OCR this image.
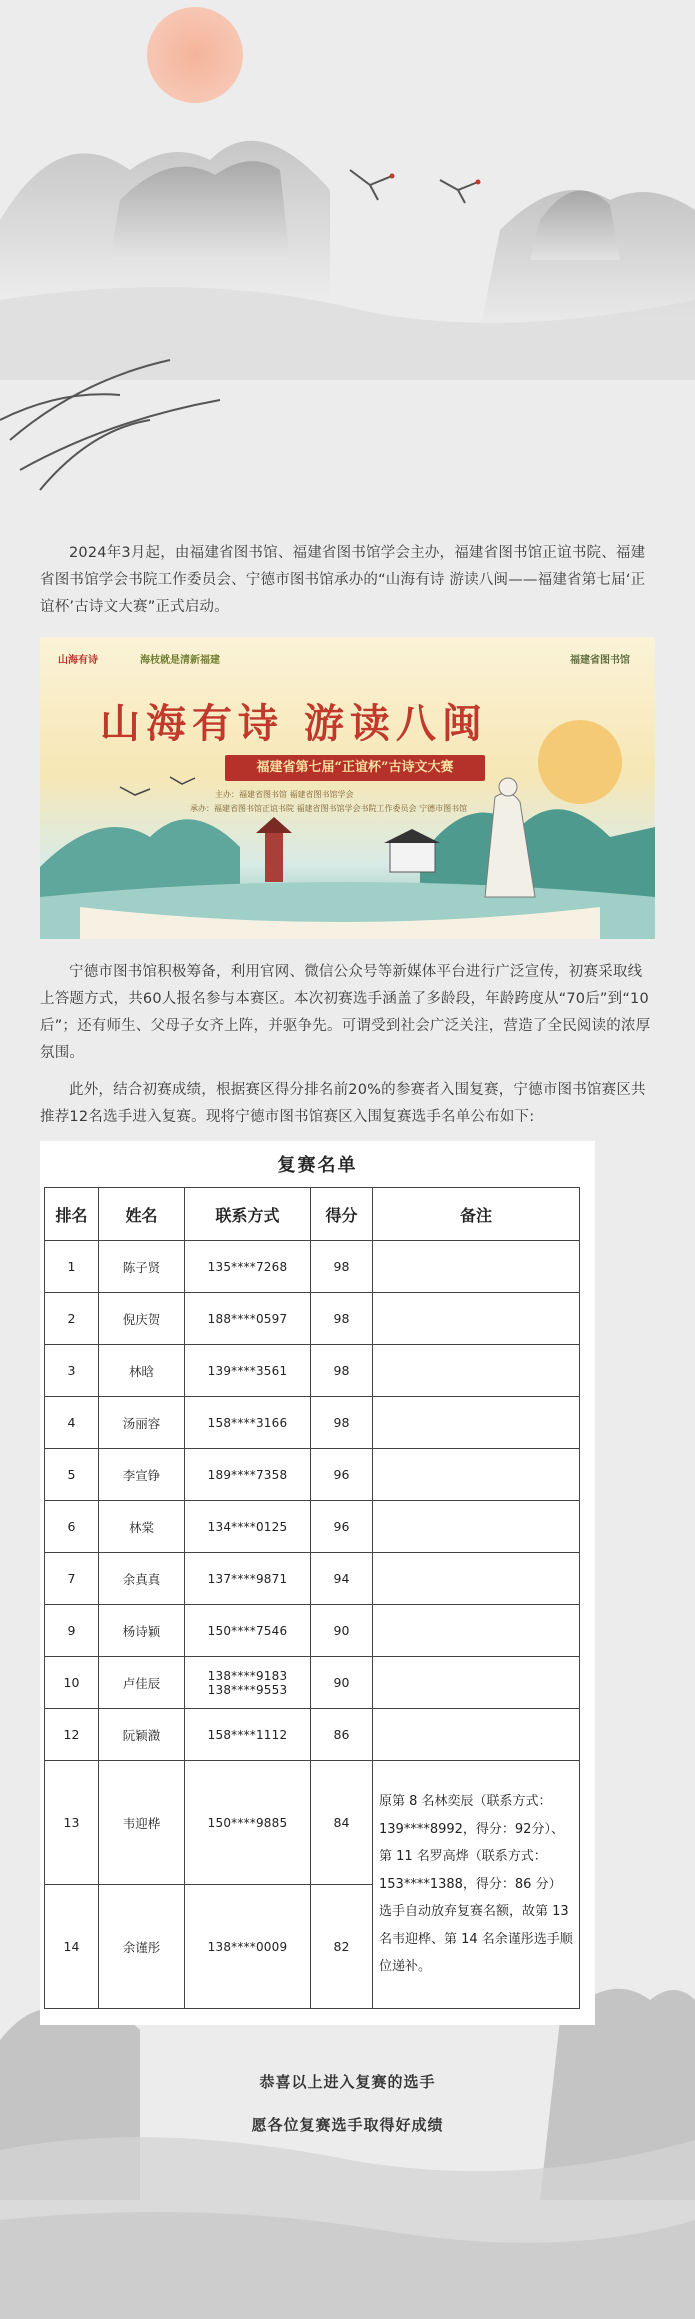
2024年3月起，由福建省图书馆、福建省图书馆学会主办，福建省图书馆正谊书院、福建省图书馆学会书院工作委员会、宁德市图书馆承办的“山海有诗 游读八闽——福建省第七届‘正谊杯’古诗文大赛”正式启动。

山海有诗	海枝就是清新福建	福建省图书馆
山海有诗 游读八闽
福建省第七届“正谊杯”古诗文大赛
主办：福建省图书馆 福建省图书馆学会
承办：福建省图书馆正谊书院 福建省图书馆学会书院工作委员会 宁德市图书馆

宁德市图书馆积极筹备，利用官网、微信公众号等新媒体平台进行广泛宣传，初赛采取线上答题方式，共60人报名参与本赛区。本次初赛选手涵盖了多龄段，年龄跨度从“70后”到“10后”；还有师生、父母子女齐上阵，并驱争先。可谓受到社会广泛关注，营造了全民阅读的浓厚氛围。

此外，结合初赛成绩，根据赛区得分排名前20%的参赛者入围复赛，宁德市图书馆赛区共推荐12名选手进入复赛。现将宁德市图书馆赛区入围复赛选手名单公布如下:

复赛名单
排名	姓名	联系方式	得分	备注
1	陈子贤	135****7268	98	
2	倪庆贺	188****0597	98	
3	林晗	139****3561	98	
4	汤丽容	158****3166	98	
5	李宣铮	189****7358	96	
6	林棠	134****0125	96	
7	余真真	137****9871	94	
9	杨诗颖	150****7546	90	
10	卢佳辰	138****9183
138****9553	90	
12	阮颖瀓	158****1112	86	
13	韦迎桦	150****9885	84	原第 8 名林奕辰（联系方式：139****8992，得分：92分）、第 11 名罗高烨（联系方式：153****1388，得分：86 分）选手自动放弃复赛名额，故第 13 名韦迎桦、第 14 名余谨彤选手顺位递补。
14	余谨彤	138****0009	82	

恭喜以上进入复赛的选手

愿各位复赛选手取得好成绩
